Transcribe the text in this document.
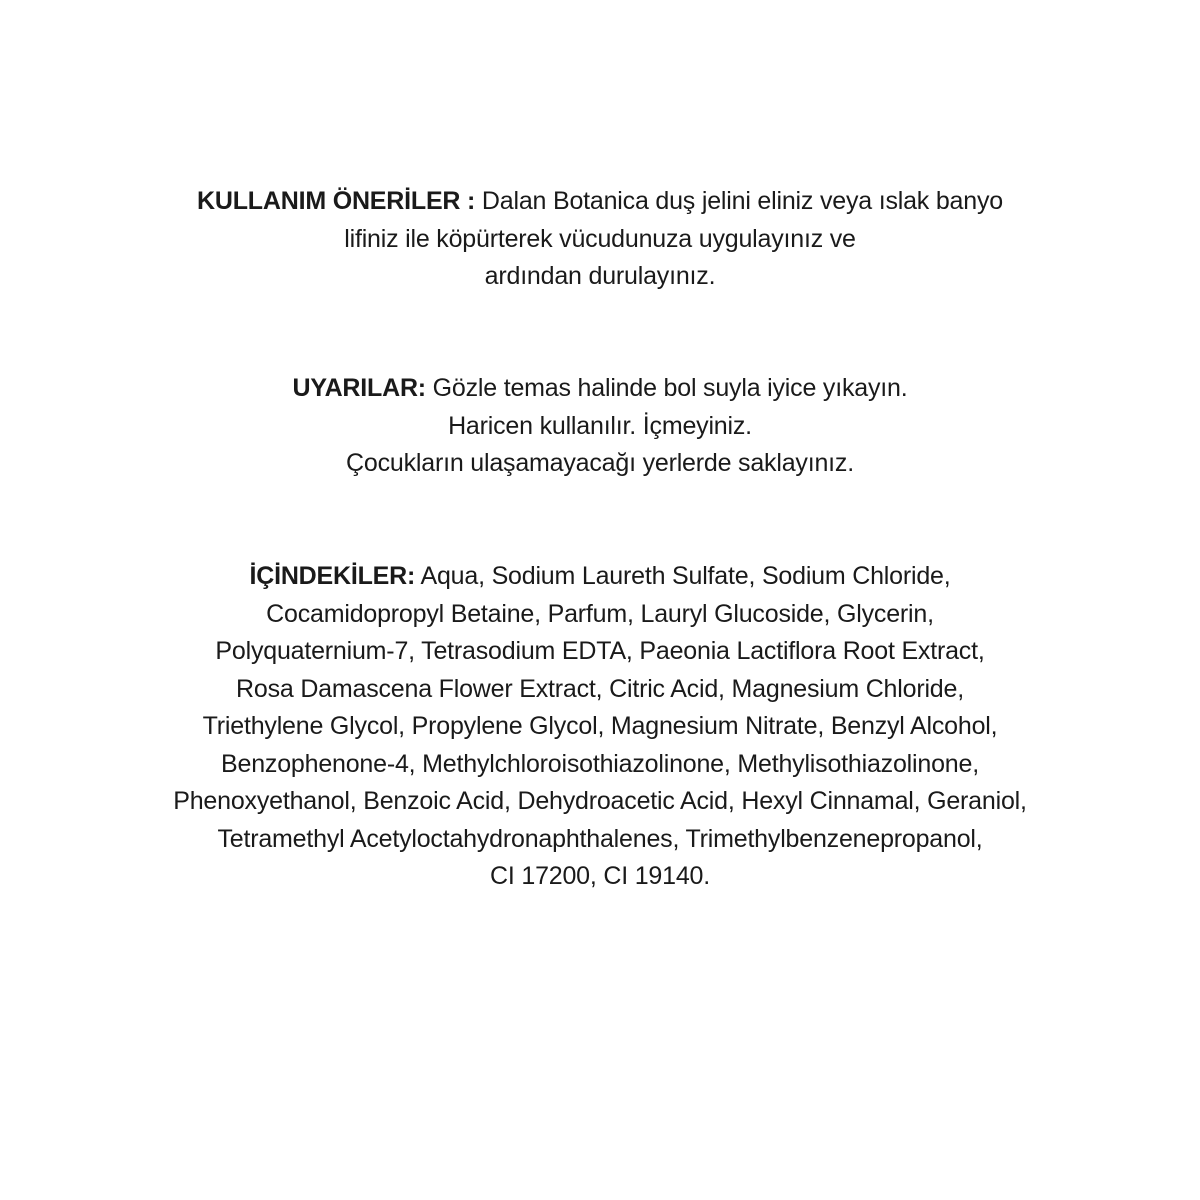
KULLANIM ÖNERİLER : Dalan Botanica duş jelini eliniz veya ıslak banyo
lifiniz ile köpürterek vücudunuza uygulayınız ve
ardından durulayınız.
UYARILAR: Gözle temas halinde bol suyla iyice yıkayın.
Haricen kullanılır. İçmeyiniz.
Çocukların ulaşamayacağı yerlerde saklayınız.
İÇİNDEKİLER: Aqua, Sodium Laureth Sulfate, Sodium Chloride,
Cocamidopropyl Betaine, Parfum, Lauryl Glucoside, Glycerin,
Polyquaternium-7, Tetrasodium EDTA, Paeonia Lactiflora Root Extract,
Rosa Damascena Flower Extract, Citric Acid, Magnesium Chloride,
Triethylene Glycol, Propylene Glycol, Magnesium Nitrate, Benzyl Alcohol,
Benzophenone-4, Methylchloroisothiazolinone, Methylisothiazolinone,
Phenoxyethanol, Benzoic Acid, Dehydroacetic Acid, Hexyl Cinnamal, Geraniol,
Tetramethyl Acetyloctahydronaphthalenes, Trimethylbenzenepropanol,
CI 17200, CI 19140.
